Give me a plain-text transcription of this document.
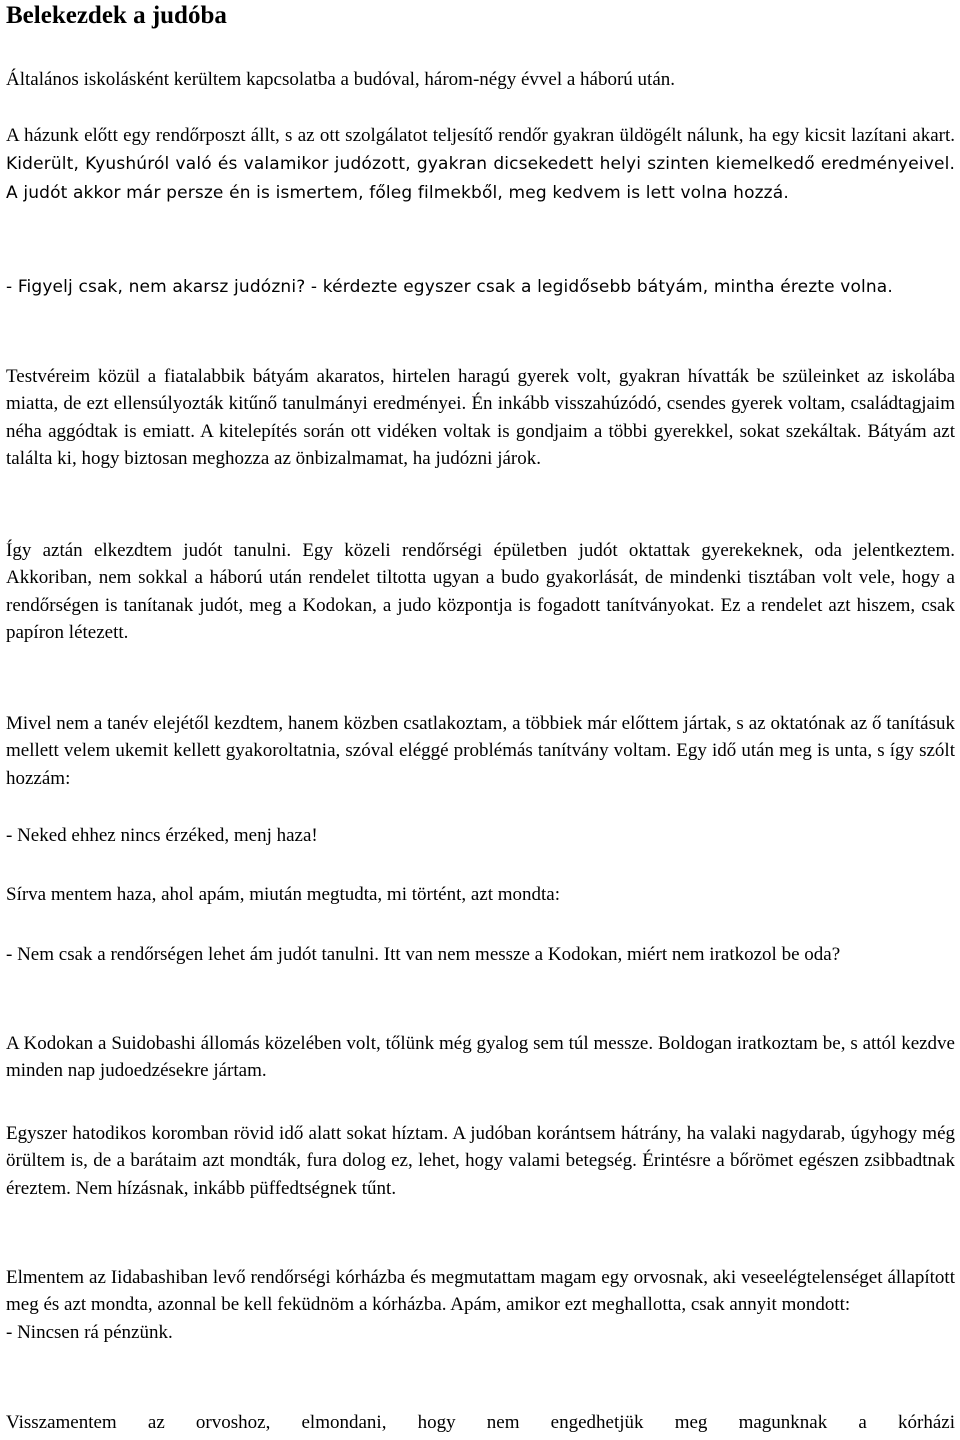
Belekezdek a judóba

Általános iskolásként kerültem kapcsolatba a budóval, három-négy évvel a háború után.

A házunk előtt egy rendőrposzt állt, s az ott szolgálatot teljesítő rendőr gyakran üldögélt nálunk, ha egy kicsit lazítani akart. Kiderült, Kyushúról való és valamikor judózott, gyakran dicsekedett helyi szinten kiemelkedő eredményeivel. A judót akkor már persze én is ismertem, főleg filmekből, meg kedvem is lett volna hozzá.

- Figyelj csak, nem akarsz judózni? - kérdezte egyszer csak a legidősebb bátyám, mintha érezte volna.

Testvéreim közül a fiatalabbik bátyám akaratos, hirtelen haragú gyerek volt, gyakran hívatták be szüleinket az iskolába miatta, de ezt ellensúlyozták kitűnő tanulmányi eredményei. Én inkább visszahúzódó, csendes gyerek voltam, családtagjaim néha aggódtak is emiatt. A kitelepítés során ott vidéken voltak is gondjaim a többi gyerekkel, sokat szekáltak. Bátyám azt találta ki, hogy biztosan meghozza az önbizalmamat, ha judózni járok.

Így aztán elkezdtem judót tanulni. Egy közeli rendőrségi épületben judót oktattak gyerekeknek, oda jelentkeztem. Akkoriban, nem sokkal a háború után rendelet tiltotta ugyan a budo gyakorlását, de mindenki tisztában volt vele, hogy a rendőrségen is tanítanak judót, meg a Kodokan, a judo központja is fogadott tanítványokat. Ez a rendelet azt hiszem, csak papíron létezett.

Mivel nem a tanév elejétől kezdtem, hanem közben csatlakoztam, a többiek már előttem jártak, s az oktatónak az ő tanításuk mellett velem ukemit kellett gyakoroltatnia, szóval eléggé problémás tanítvány voltam. Egy idő után meg is unta, s így szólt hozzám:

- Neked ehhez nincs érzéked, menj haza!

Sírva mentem haza, ahol apám, miután megtudta, mi történt, azt mondta:

- Nem csak a rendőrségen lehet ám judót tanulni. Itt van nem messze a Kodokan, miért nem iratkozol be oda?

A Kodokan a Suidobashi állomás közelében volt, tőlünk még gyalog sem túl messze. Boldogan iratkoztam be, s attól kezdve minden nap judoedzésekre jártam.

Egyszer hatodikos koromban rövid idő alatt sokat híztam. A judóban korántsem hátrány, ha valaki nagydarab, úgyhogy még örültem is, de a barátaim azt mondták, fura dolog ez, lehet, hogy valami betegség. Érintésre a bőrömet egészen zsibbadtnak éreztem. Nem hízásnak, inkább püffedtségnek tűnt.

Elmentem az Iidabashiban levő rendőrségi kórházba és megmutattam magam egy orvosnak, aki veseelégtelenséget állapított meg és azt mondta, azonnal be kell feküdnöm a kórházba. Apám, amikor ezt meghallotta, csak annyit mondott:

- Nincsen rá pénzünk.

Visszamentem az orvoshoz, elmondani, hogy nem engedhetjük meg magunknak a kórházi
